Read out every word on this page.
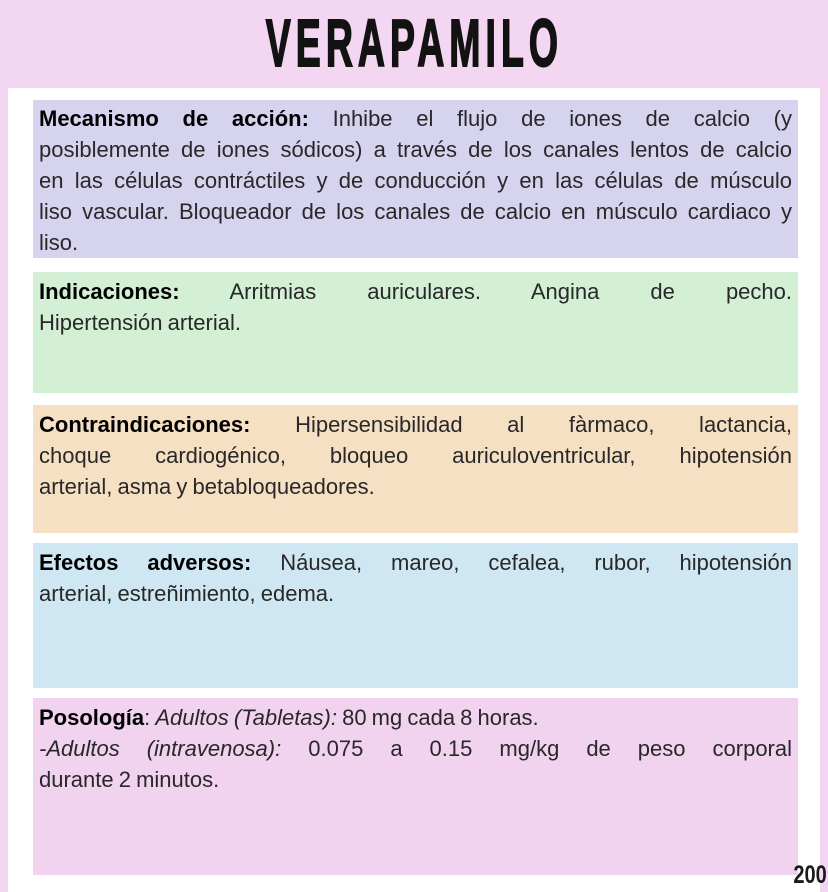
Mecanismo de acción: Inhibe el flujo de iones de calcio (y
posiblemente de iones sódicos) a través de los canales lentos de calcio
en las células contráctiles y de conducción y en las células de músculo
liso vascular. Bloqueador de los canales de calcio en músculo cardiaco y
liso.
Indicaciones: Arritmias auriculares. Angina de pecho.
Hipertensión arterial.
Contraindicaciones: Hipersensibilidad al fàrmaco, lactancia,
choque cardiogénico, bloqueo auriculoventricular, hipotensión
arterial, asma y betabloqueadores.
Efectos adversos: Náusea, mareo, cefalea, rubor, hipotensión
arterial, estreñimiento, edema.
Posología: Adultos (Tabletas): 80 mg cada 8 horas.
-Adultos (intravenosa): 0.075 a 0.15 mg/kg de peso corporal
durante 2 minutos.
VERAPAMILO
200
